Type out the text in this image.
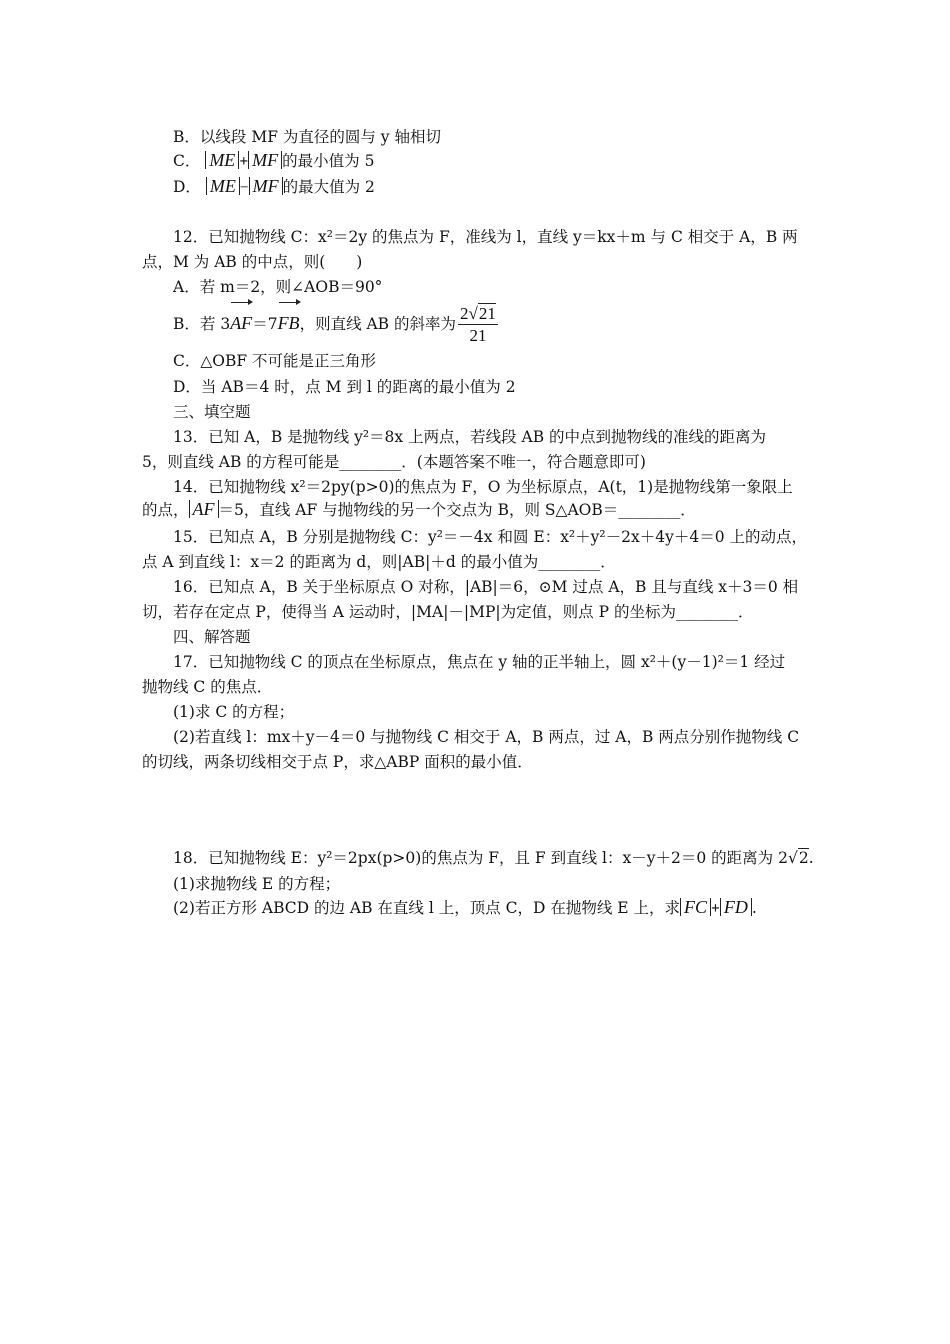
B．以线段 MF 为直径的圆与 y 轴相切
C． ME + MF 的最小值为 5
D． ME − MF 的最大值为 2
12．已知抛物线 C：x²＝2y 的焦点为 F，准线为 l，直线 y＝kx＋m 与 C 相交于 A，B 两
点，M 为 AB 的中点，则(　　)
A．若 m＝2，则∠AOB＝90°
B．若 3AF＝7FB，则直线 AB 的斜率为 $\frac{2√21}{21}$
C．△OBF 不可能是正三角形
D．当 AB＝4 时，点 M 到 l 的距离的最小值为 2
三、填空题
13．已知 A，B 是抛物线 y²＝8x 上两点，若线段 AB 的中点到抛物线的准线的距离为
5，则直线 AB 的方程可能是________．(本题答案不唯一，符合题意即可)
14．已知抛物线 x²＝2py(p>0)的焦点为 F，O 为坐标原点，A(t，1)是抛物线第一象限上
的点， AF ＝5，直线 AF 与抛物线的另一个交点为 B，则 S△AOB＝________．
15．已知点 A，B 分别是抛物线 C：y²＝－4x 和圆 E：x²＋y²－2x＋4y＋4＝0 上的动点，
点 A 到直线 l：x＝2 的距离为 d，则|AB|＋d 的最小值为________．
16．已知点 A，B 关于坐标原点 O 对称，|AB|＝6，⊙M 过点 A，B 且与直线 x＋3＝0 相
切，若存在定点 P，使得当 A 运动时，|MA|－|MP|为定值，则点 P 的坐标为________．
四、解答题
17．已知抛物线 C 的顶点在坐标原点，焦点在 y 轴的正半轴上，圆 x²＋(y－1)²＝1 经过
抛物线 C 的焦点．
(1)求 C 的方程；
(2)若直线 l：mx＋y－4＝0 与抛物线 C 相交于 A，B 两点，过 A，B 两点分别作抛物线 C
的切线，两条切线相交于点 P，求△ABP 面积的最小值．
18．已知抛物线 E：y²＝2px(p>0)的焦点为 F，且 F 到直线 l：x－y＋2＝0 的距离为 2√2.
(1)求抛物线 E 的方程；
(2)若正方形 ABCD 的边 AB 在直线 l 上，顶点 C，D 在抛物线 E 上，求 FC + FD .
